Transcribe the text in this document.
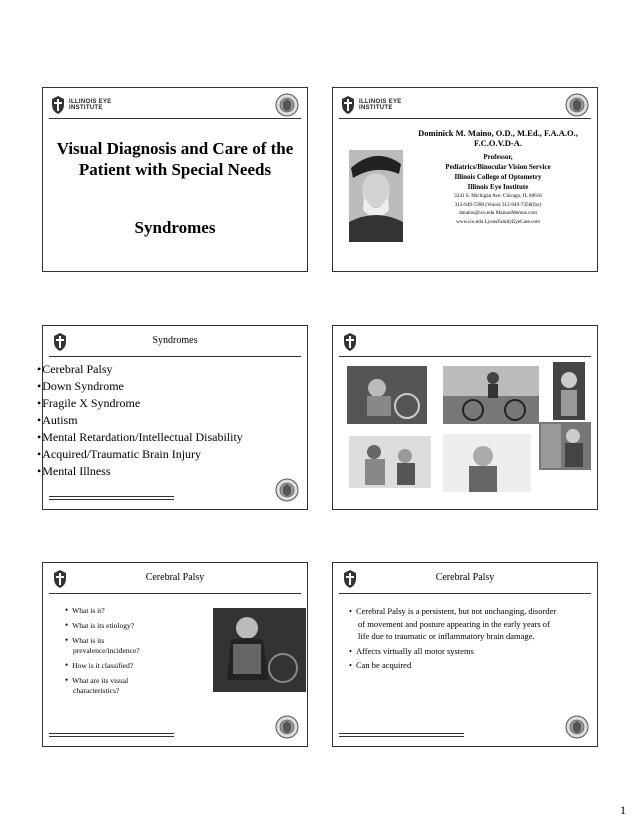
ILLINOIS EYE
INSTITUTE
Visual Diagnosis and Care of the Patient with Special Needs
Syndromes
ILLINOIS EYE
INSTITUTE
Dominick M. Maino, O.D., M.Ed., F.A.A.O., F.C.O.V.D-A.
Professor,
Pediatrics/Binocular Vision Service
Illinois College of Optometry
Illinois Eye Institute
3241 S. Michigan Ave. Chicago, IL 60616
312-949-7280 (Voice) 312-949-7358(fax)
dmaino@ico.edu MainosMemos.com
www.ico.edu LyonsFamilyEyeCare.com
Syndromes
• Cerebral Palsy
• Down Syndrome
• Fragile X Syndrome
• Autism
• Mental Retardation/Intellectual Disability
• Acquired/Traumatic Brain Injury
• Mental Illness
Cerebral Palsy
• What is it?
• What is its etiology?
• What is its prevalence/incidence?
• How is it classified?
• What are its visual characteristics?
Cerebral Palsy
• Cerebral Palsy is a persistent, but not unchanging, disorder of movement and posture appearing in the early years of life due to traumatic or inflammatory brain damage.
• Affects virtually all motor systems
• Can be acquired
1
